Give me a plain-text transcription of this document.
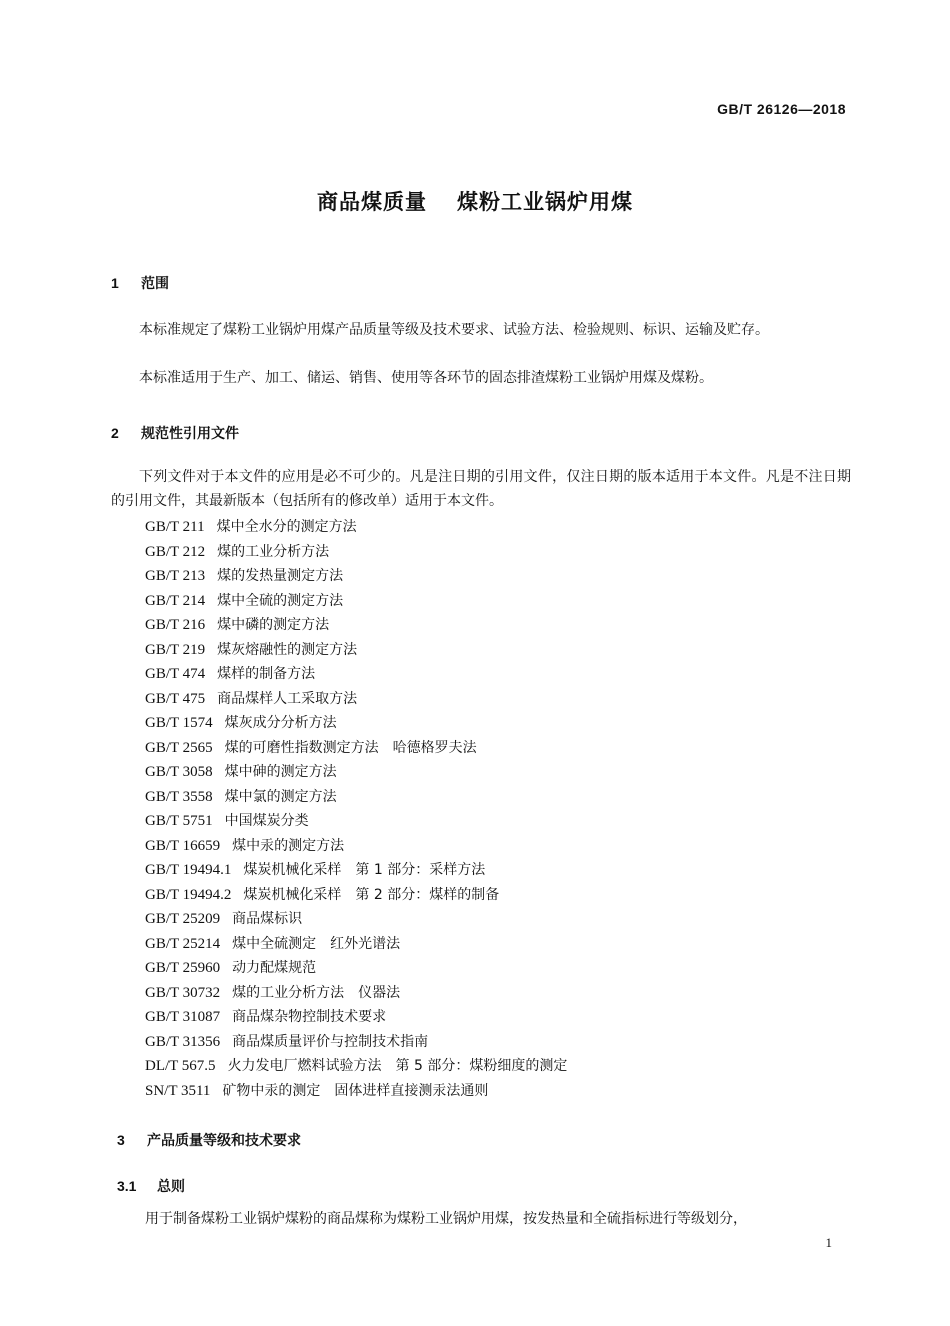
GB/T 26126—2018
商品煤质量 煤粉工业锅炉用煤
1 范围
本标准规定了煤粉工业锅炉用煤产品质量等级及技术要求、试验方法、检验规则、标识、运输及贮存。
本标准适用于生产、加工、储运、销售、使用等各环节的固态排渣煤粉工业锅炉用煤及煤粉。
2 规范性引用文件
下列文件对于本文件的应用是必不可少的。凡是注日期的引用文件，仅注日期的版本适用于本文件。凡是不注日期的引用文件，其最新版本（包括所有的修改单）适用于本文件。
GB/T 211 煤中全水分的测定方法
GB/T 212 煤的工业分析方法
GB/T 213 煤的发热量测定方法
GB/T 214 煤中全硫的测定方法
GB/T 216 煤中磷的测定方法
GB/T 219 煤灰熔融性的测定方法
GB/T 474 煤样的制备方法
GB/T 475 商品煤样人工采取方法
GB/T 1574 煤灰成分分析方法
GB/T 2565 煤的可磨性指数测定方法　哈德格罗夫法
GB/T 3058 煤中砷的测定方法
GB/T 3558 煤中氯的测定方法
GB/T 5751 中国煤炭分类
GB/T 16659 煤中汞的测定方法
GB/T 19494.1 煤炭机械化采样　第 1 部分：采样方法
GB/T 19494.2 煤炭机械化采样　第 2 部分：煤样的制备
GB/T 25209 商品煤标识
GB/T 25214 煤中全硫测定　红外光谱法
GB/T 25960 动力配煤规范
GB/T 30732 煤的工业分析方法　仪器法
GB/T 31087 商品煤杂物控制技术要求
GB/T 31356 商品煤质量评价与控制技术指南
DL/T 567.5 火力发电厂燃料试验方法　第 5 部分：煤粉细度的测定
SN/T 3511 矿物中汞的测定　固体进样直接测汞法通则
3 产品质量等级和技术要求
3.1 总则
用于制备煤粉工业锅炉煤粉的商品煤称为煤粉工业锅炉用煤，按发热量和全硫指标进行等级划分，
1
